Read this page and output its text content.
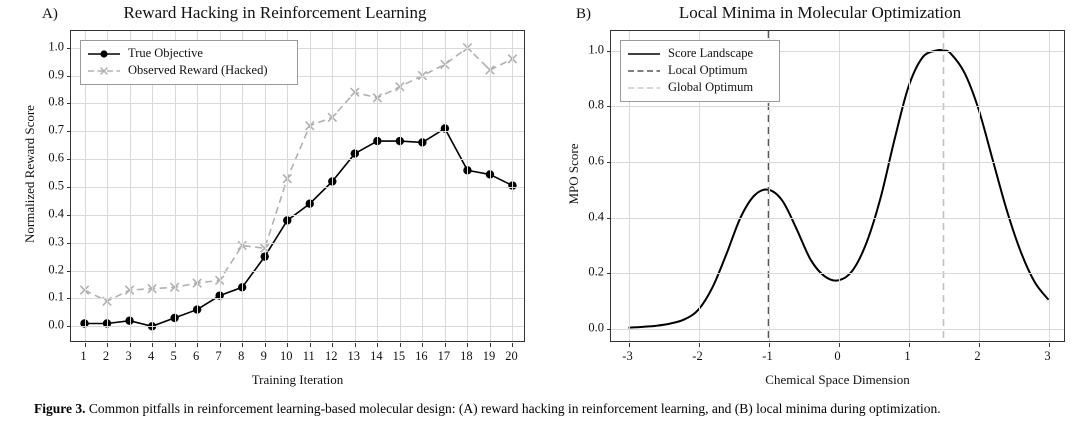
A)	Reward Hacking in Reinforcement Learning
Training Iteration
Normalized Reward Score
True Objective
Observed Reward (Hacked)
0.0
0.1
0.2
0.3
0.4
0.5
0.6
0.7
0.8
0.9
1.0
1 2 3 4 5 6 7 8 9 10 11 12 13 14 15 16 17 18 19 20
B)	Local Minima in Molecular Optimization
Chemical Space Dimension
MPO Score
Score Landscape
Local Optimum
Global Optimum
0.0
0.2
0.4
0.6
0.8
1.0
-3	-2	-1	0	1	2	3
Figure 3. Common pitfalls in reinforcement learning-based molecular design: (A) reward hacking in reinforcement learning, and (B) local minima during optimization.
